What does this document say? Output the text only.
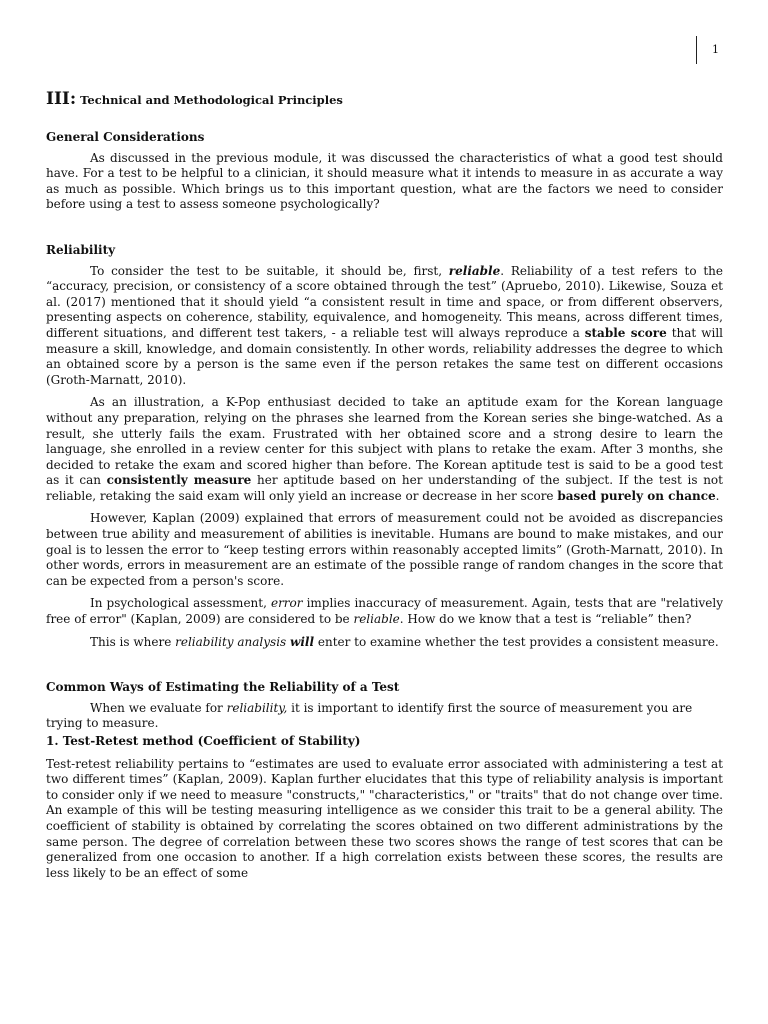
1
III: Technical and Methodological Principles

General Considerations

As discussed in the previous module, it was discussed the characteristics of what a good test should have. For a test to be helpful to a clinician, it should measure what it intends to measure in as accurate a way as much as possible. Which brings us to this important question, what are the factors we need to consider before using a test to assess someone psychologically?

Reliability

To consider the test to be suitable, it should be, first, reliable. Reliability of a test refers to the “accuracy, precision, or consistency of a score obtained through the test” (Apruebo, 2010). Likewise, Souza et al. (2017) mentioned that it should yield “a consistent result in time and space, or from different observers, presenting aspects on coherence, stability, equivalence, and homogeneity. This means, across different times, different situations, and different test takers, - a reliable test will always reproduce a stable score that will measure a skill, knowledge, and domain consistently. In other words, reliability addresses the degree to which an obtained score by a person is the same even if the person retakes the same test on different occasions (Groth-Marnatt, 2010).

As an illustration, a K-Pop enthusiast decided to take an aptitude exam for the Korean language without any preparation, relying on the phrases she learned from the Korean series she binge-watched. As a result, she utterly fails the exam. Frustrated with her obtained score and a strong desire to learn the language, she enrolled in a review center for this subject with plans to retake the exam. After 3 months, she decided to retake the exam and scored higher than before. The Korean aptitude test is said to be a good test as it can consistently measure her aptitude based on her understanding of the subject. If the test is not reliable, retaking the said exam will only yield an increase or decrease in her score based purely on chance.

However, Kaplan (2009) explained that errors of measurement could not be avoided as discrepancies between true ability and measurement of abilities is inevitable. Humans are bound to make mistakes, and our goal is to lessen the error to “keep testing errors within reasonably accepted limits” (Groth-Marnatt, 2010). In other words, errors in measurement are an estimate of the possible range of random changes in the score that can be expected from a person's score.

In psychological assessment, error implies inaccuracy of measurement. Again, tests that are "relatively free of error" (Kaplan, 2009) are considered to be reliable. How do we know that a test is “reliable” then?

This is where reliability analysis will enter to examine whether the test provides a consistent measure.

Common Ways of Estimating the Reliability of a Test

When we evaluate for reliability, it is important to identify first the source of measurement you are trying to measure.

1. Test-Retest method (Coefficient of Stability)

Test-retest reliability pertains to “estimates are used to evaluate error associated with administering a test at two different times” (Kaplan, 2009). Kaplan further elucidates that this type of reliability analysis is important to consider only if we need to measure "constructs," "characteristics," or "traits" that do not change over time. An example of this will be testing measuring intelligence as we consider this trait to be a general ability. The coefficient of stability is obtained by correlating the scores obtained on two different administrations by the same person. The degree of correlation between these two scores shows the range of test scores that can be generalized from one occasion to another. If a high correlation exists between these scores, the results are less likely to be an effect of some
